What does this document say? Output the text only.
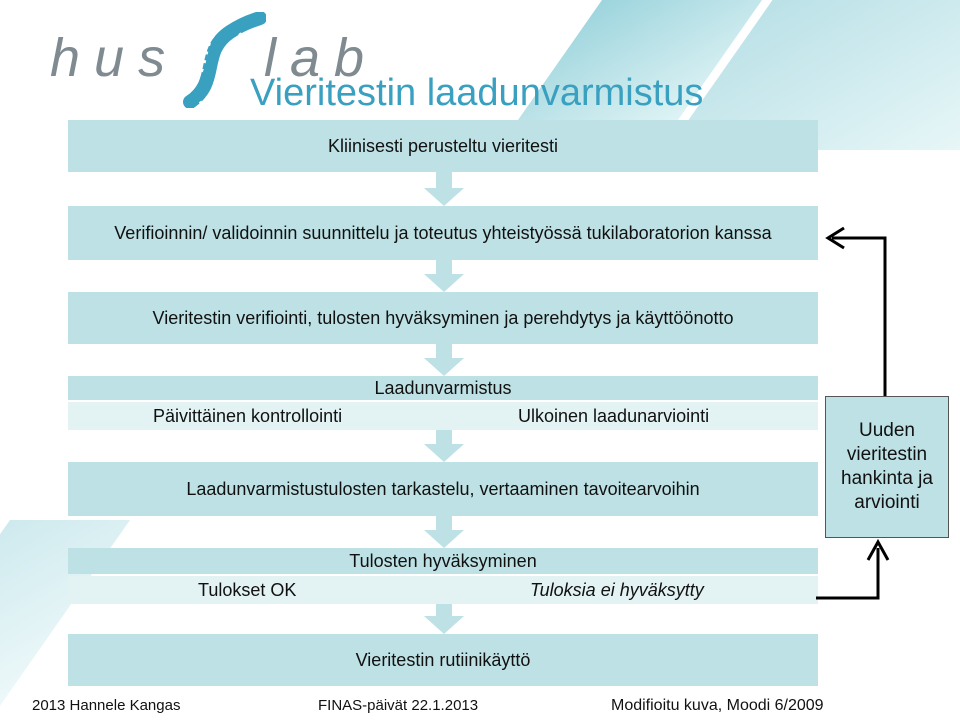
hus lab
Vieritestin laadunvarmistus
Kliinisesti perusteltu vieritesti
Verifioinnin/ validoinnin suunnittelu ja toteutus yhteistyössä tukilaboratorion kanssa
Vieritestin verifiointi, tulosten hyväksyminen ja perehdytys ja käyttöönotto
Laadunvarmistus
Päivittäinen kontrollointi	Ulkoinen laadunarviointi
Laadunvarmistustulosten tarkastelu, vertaaminen tavoitearvoihin
Tulosten hyväksyminen
Tulokset OK	Tuloksia ei hyväksytty
Vieritestin rutiinikäyttö
Uuden vieritestin hankinta ja arviointi
2013 Hannele Kangas	FINAS-päivät 22.1.2013	Modifioitu kuva, Moodi 6/2009
